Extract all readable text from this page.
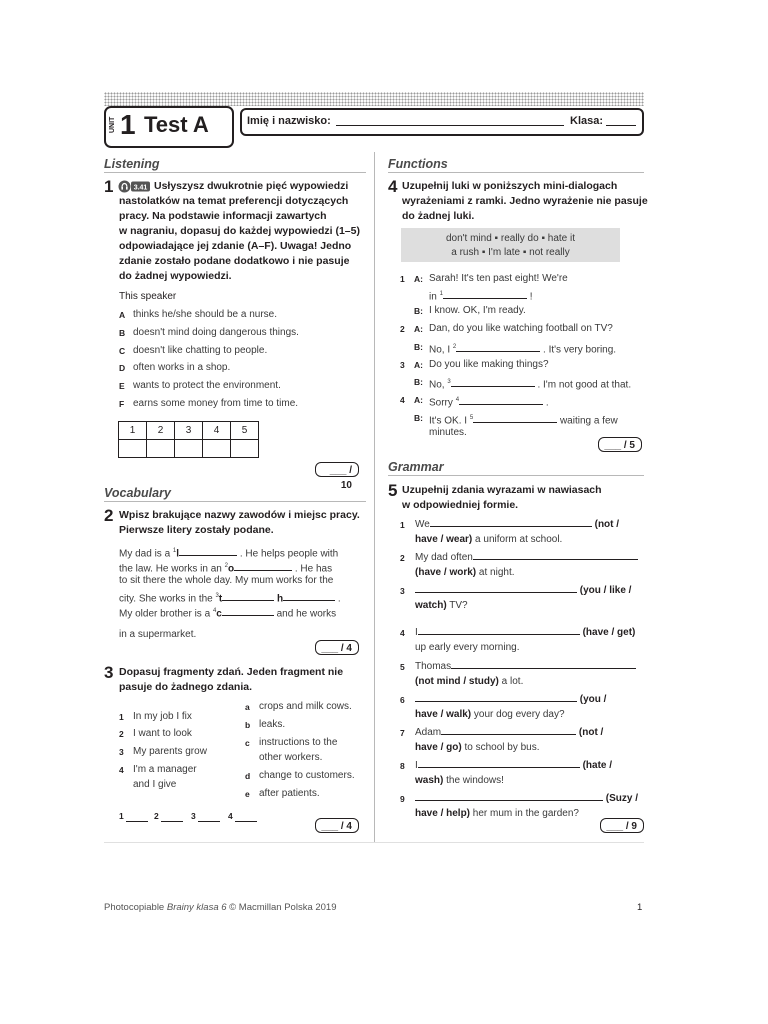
UNIT 1 Test A	Imię i nazwisko:	Klasa:
Listening
1	3.41 Usłyszysz dwukrotnie pięć wypowiedzi
nastolatków na temat preferencji dotyczących
pracy. Na podstawie informacji zawartych
w nagraniu, dopasuj do każdej wypowiedzi (1–5)
odpowiadające jej zdanie (A–F). Uwaga! Jedno
zdanie zostało podane dodatkowo i nie pasuje
do żadnej wypowiedzi.
This speaker
A thinks he/she should be a nurse.
B doesn't mind doing dangerous things.
C doesn't like chatting to people.
D often works in a shop.
E wants to protect the environment.
F earns some money from time to time.
1	2	3	4	5

___ / 10
Vocabulary
2 Wpisz brakujące nazwy zawodów i miejsc pracy.
Pierwsze litery zostały podane.
My dad is a $^1$l	. He helps people with
the law. He works in an $^2$o	. He has
to sit there the whole day. My mum works for the
city. She works in the $^3$t	h	.
My older brother is a $^4$c	and he works
in a supermarket.
___ / 4
3 Dopasuj fragmenty zdań. Jeden fragment nie
pasuje do żadnego zdania.
1 In my job I fix
2 I want to look
3 My parents grow
4 I'm a manager
and I give
a crops and milk cows.
b leaks.
c instructions to the
other workers.
d change to customers.
e after patients.
1	2	3	4
___ / 4
Functions
4 Uzupełnij luki w poniższych mini-dialogach
wyrażeniami z ramki. Jedno wyrażenie nie pasuje
do żadnej luki.
don't mind ▪ really do ▪ hate it
a rush ▪ I'm late ▪ not really
1 A: Sarah! It's ten past eight! We're
in $^1$	!
B: I know. OK, I'm ready.
2 A: Dan, do you like watching football on TV?
B: No, I $^2$	. It's very boring.
3 A: Do you like making things?
B: No, $^3$	. I'm not good at that.
4 A: Sorry $^4$	.
B: It's OK. I $^5$	waiting a few
minutes.
___ / 5
Grammar
5 Uzupełnij zdania wyrazami w nawiasach
w odpowiedniej formie.
1 We	(not /
have / wear) a uniform at school.
2 My dad often
(have / work) at night.
3	(you / like /
watch) TV?
4 I	(have / get)
up early every morning.
5 Thomas
(not mind / study) a lot.
6	(you /
have / walk) your dog every day?
7 Adam	(not /
have / go) to school by bus.
8 I	(hate /
wash) the windows!
9	(Suzy /
have / help) her mum in the garden?
___ / 9
Photocopiable Brainy klasa 6 © Macmillan Polska 2019	1
